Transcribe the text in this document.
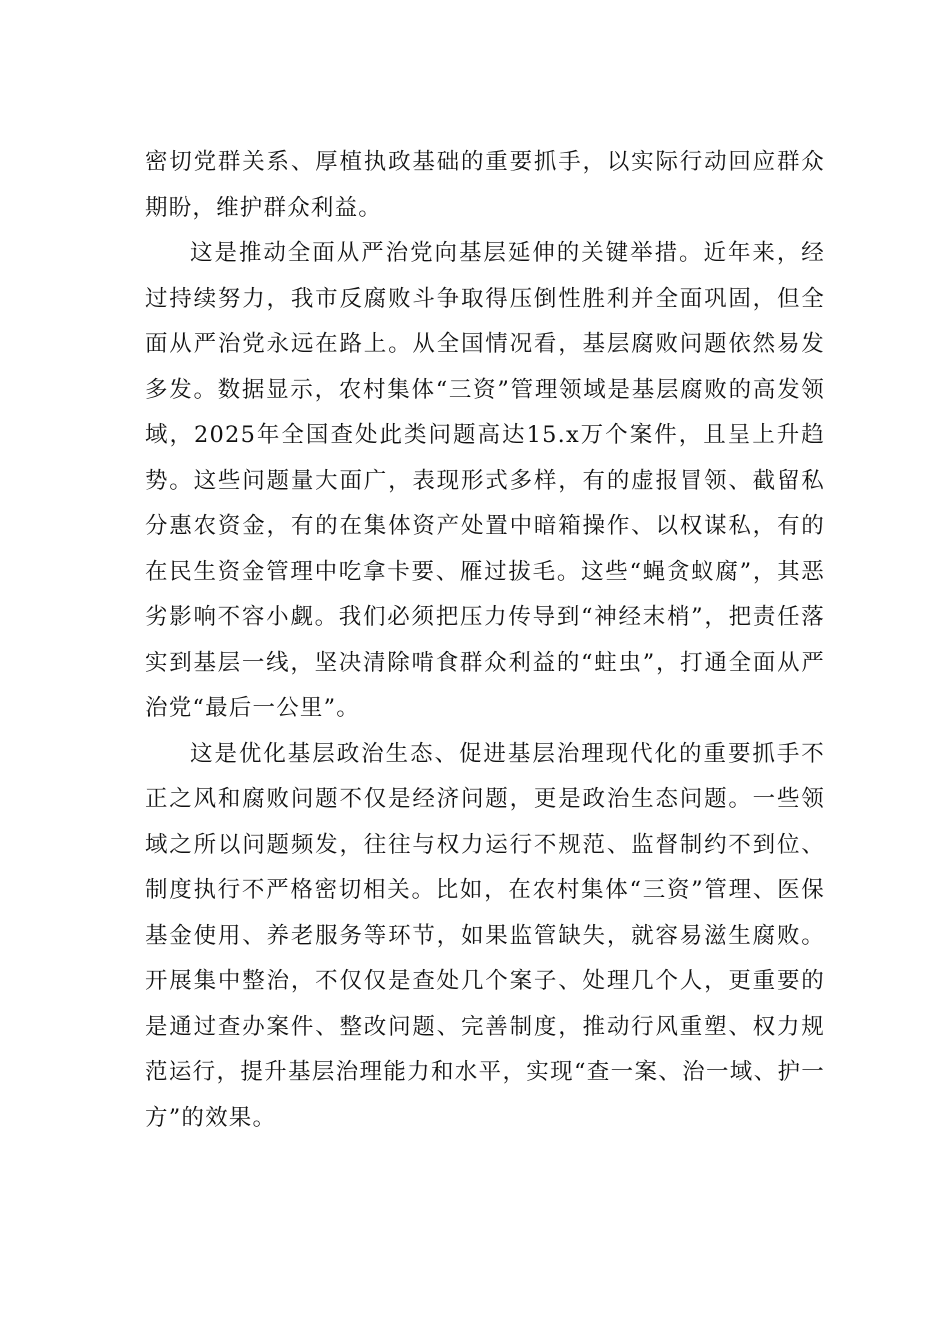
密切党群关系、厚植执政基础的重要抓手，以实际行动回应群众期盼，维护群众利益。

这是推动全面从严治党向基层延伸的关键举措。近年来，经过持续努力，我市反腐败斗争取得压倒性胜利并全面巩固，但全面从严治党永远在路上。从全国情况看，基层腐败问题依然易发多发。数据显示，农村集体“三资”管理领域是基层腐败的高发领域，2025年全国查处此类问题高达15.x万个案件，且呈上升趋势。这些问题量大面广，表现形式多样，有的虚报冒领、截留私分惠农资金，有的在集体资产处置中暗箱操作、以权谋私，有的在民生资金管理中吃拿卡要、雁过拔毛。这些“蝇贪蚁腐”，其恶劣影响不容小觑。我们必须把压力传导到“神经末梢”，把责任落实到基层一线，坚决清除啃食群众利益的“蛀虫”，打通全面从严治党“最后一公里”。

这是优化基层政治生态、促进基层治理现代化的重要抓手不正之风和腐败问题不仅是经济问题，更是政治生态问题。一些领域之所以问题频发，往往与权力运行不规范、监督制约不到位、制度执行不严格密切相关。比如，在农村集体“三资”管理、医保基金使用、养老服务等环节，如果监管缺失，就容易滋生腐败。开展集中整治，不仅仅是查处几个案子、处理几个人，更重要的是通过查办案件、整改问题、完善制度，推动行风重塑、权力规范运行，提升基层治理能力和水平，实现“查一案、治一域、护一方”的效果。
